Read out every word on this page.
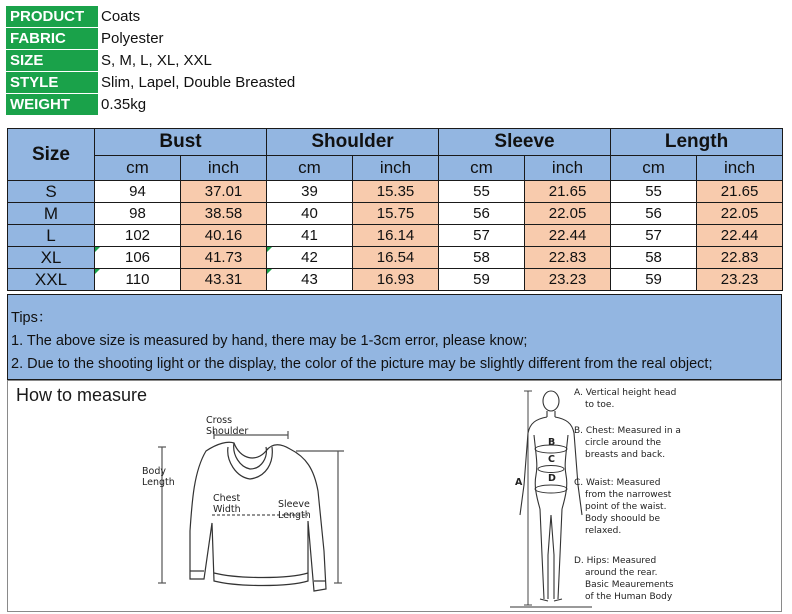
PRODUCT	Coats
FABRIC	Polyester
SIZE	S, M, L, XL, XXL
STYLE	Slim, Lapel, Double Breasted
WEIGHT	0.35kg
Size	Bust		Shoulder		Sleeve		Length	
	cm	inch	cm	inch	cm	inch	cm	inch
S	94	37.01	39	15.35	55	21.65	55	21.65
M	98	38.58	40	15.75	56	22.05	56	22.05
L	102	40.16	41	16.14	57	22.44	57	22.44
XL	106	41.73	42	16.54	58	22.83	58	22.83
XXL	110	43.31	43	16.93	59	23.23	59	23.23
Tips：
1. The above size is measured by hand, there may be 1-3cm error, please know;
2. Due to the shooting light or the display, the color of the picture may be slightly different from the real object;
How to measure
Cross
Shoulder
Body
Length
Chest
Width	Sleeve
Length
B
C
D
A
A. Vertical height head
to toe.
B. Chest: Measured in a
circle around the
breasts and back.
C. Waist: Measured
from the narrowest
point of the waist.
Body shoould be
relaxed.
D. Hips: Measured
around the rear.
Basic Meaurements
of the Human Body
